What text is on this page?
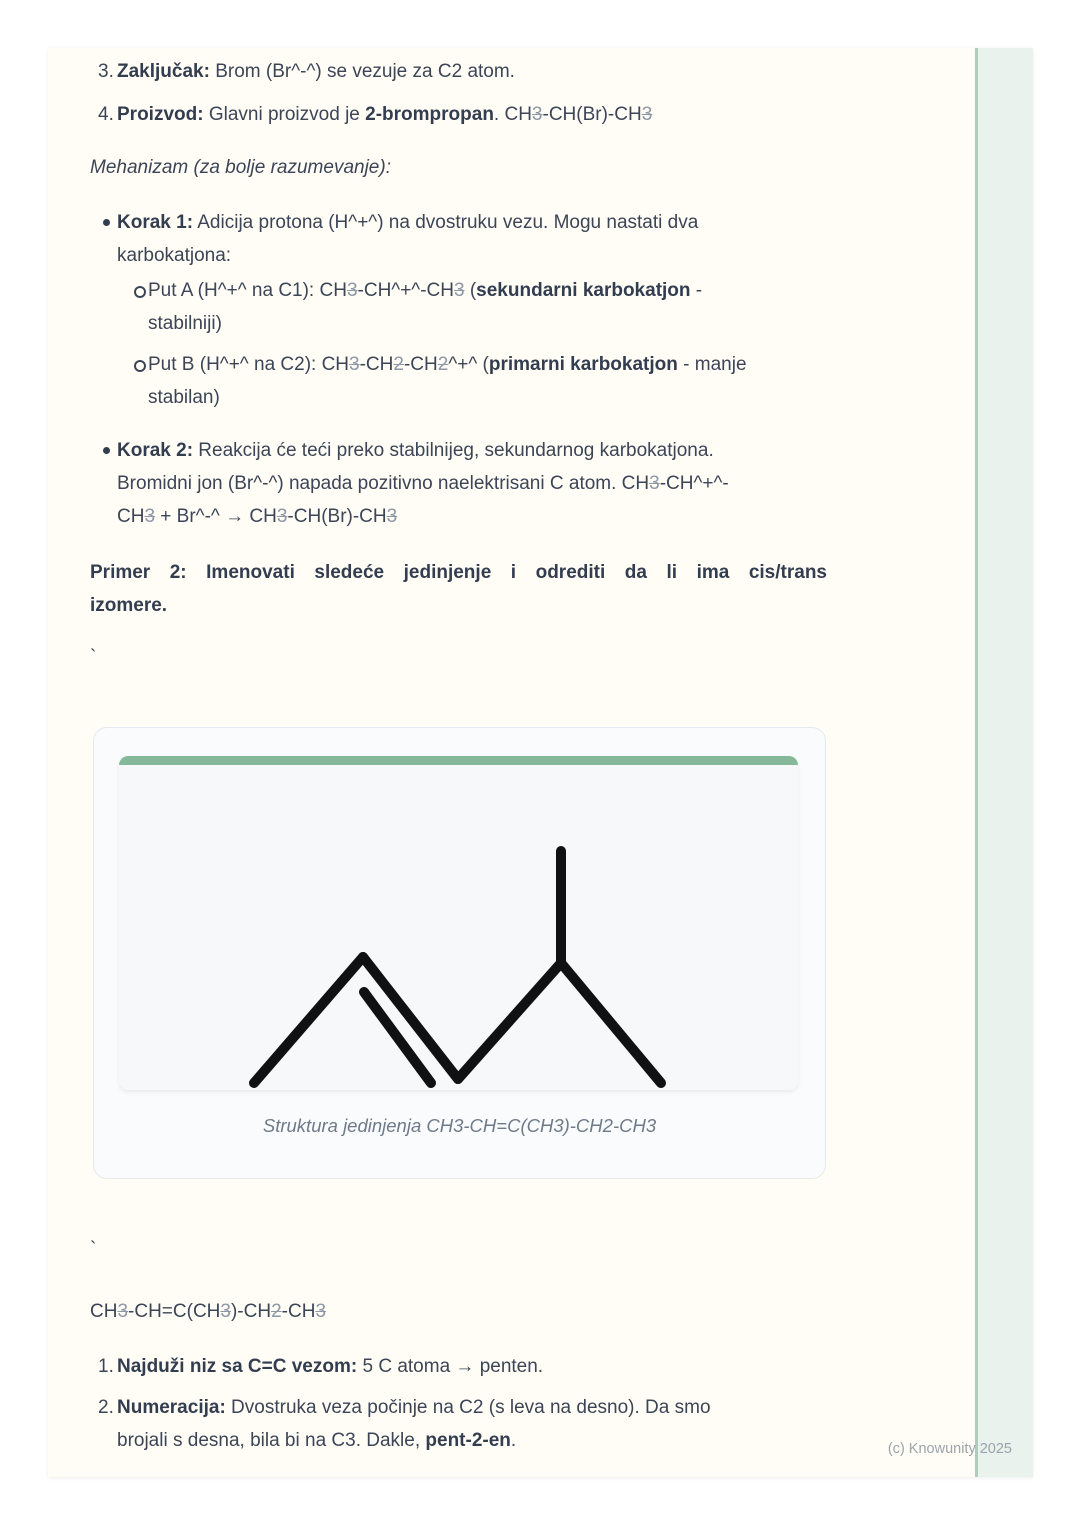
3. Zaključak: Brom (Br^-^) se vezuje za C2 atom.
4. Proizvod: Glavni proizvod je 2-brompropan. CH3-CH(Br)-CH3
Mehanizam (za bolje razumevanje):
Korak 1: Adicija protona (H^+^) na dvostruku vezu. Mogu nastati dva
karbokatjona:
Put A (H^+^ na C1): CH3-CH^+^-CH3 (sekundarni karbokatjon -
stabilniji)
Put B (H^+^ na C2): CH3-CH2-CH2^+^ (primarni karbokatjon - manje
stabilan)
Korak 2: Reakcija će teći preko stabilnijeg, sekundarnog karbokatjona.
Bromidni jon (Br^-^) napada pozitivno naelektrisani C atom. CH3-CH^+^-
CH3 + Br^-^ → CH3-CH(Br)-CH3
Primer 2: Imenovati sledeće jedinjenje i odrediti da li ima cis/trans
izomere.
`
Struktura jedinjenja CH3-CH=C(CH3)-CH2-CH3
`
CH3-CH=C(CH3)-CH2-CH3
1. Najduži niz sa C=C vezom: 5 C atoma → penten.
2. Numeracija: Dvostruka veza počinje na C2 (s leva na desno). Da smo
brojali s desna, bila bi na C3. Dakle, pent-2-en.	(c) Knowunity 2025
